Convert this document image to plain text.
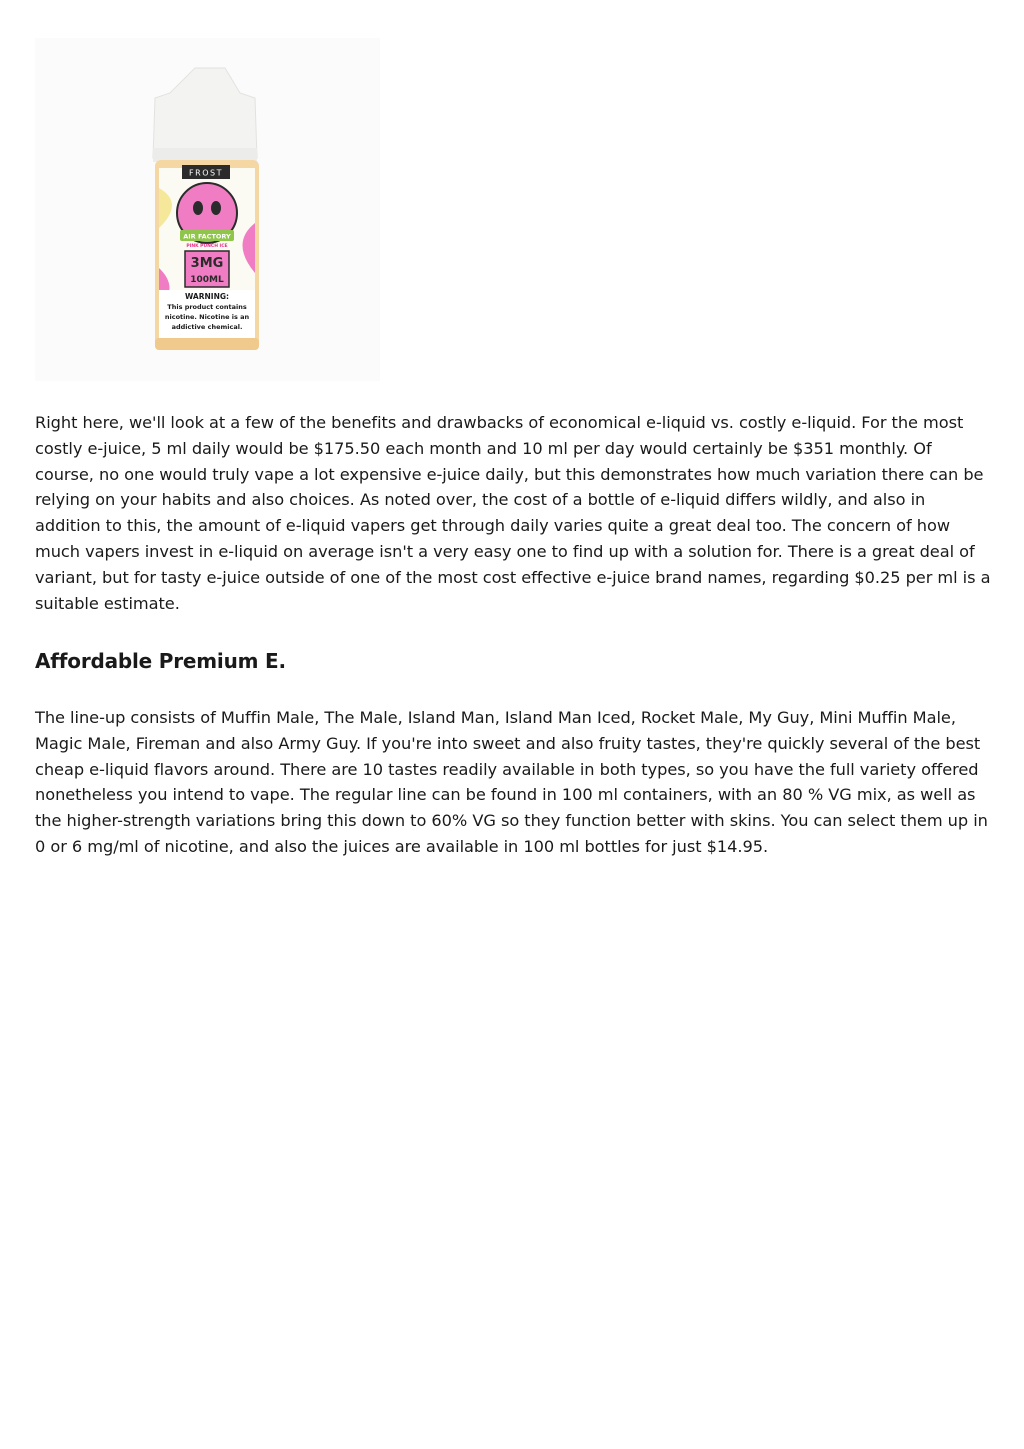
FROST
AIR FACTORY
PINK PUNCH ICE
3MG
100ML
WARNING:
This product contains
nicotine. Nicotine is an
addictive chemical.

Right here, we'll look at a few of the benefits and drawbacks of economical e-liquid vs. costly e-liquid. For the most costly e-juice, 5 ml daily would be $175.50 each month and 10 ml per day would certainly be $351 monthly. Of course, no one would truly vape a lot expensive e-juice daily, but this demonstrates how much variation there can be relying on your habits and also choices. As noted over, the cost of a bottle of e-liquid differs wildly, and also in addition to this, the amount of e-liquid vapers get through daily varies quite a great deal too. The concern of how much vapers invest in e-liquid on average isn't a very easy one to find up with a solution for. There is a great deal of variant, but for tasty e-juice outside of one of the most cost effective e-juice brand names, regarding $0.25 per ml is a suitable estimate.

Affordable Premium E.

The line-up consists of Muffin Male, The Male, Island Man, Island Man Iced, Rocket Male, My Guy, Mini Muffin Male, Magic Male, Fireman and also Army Guy. If you're into sweet and also fruity tastes, they're quickly several of the best cheap e-liquid flavors around. There are 10 tastes readily available in both types, so you have the full variety offered nonetheless you intend to vape. The regular line can be found in 100 ml containers, with an 80 % VG mix, as well as the higher-strength variations bring this down to 60% VG so they function better with skins. You can select them up in 0 or 6 mg/ml of nicotine, and also the juices are available in 100 ml bottles for just $14.95.
